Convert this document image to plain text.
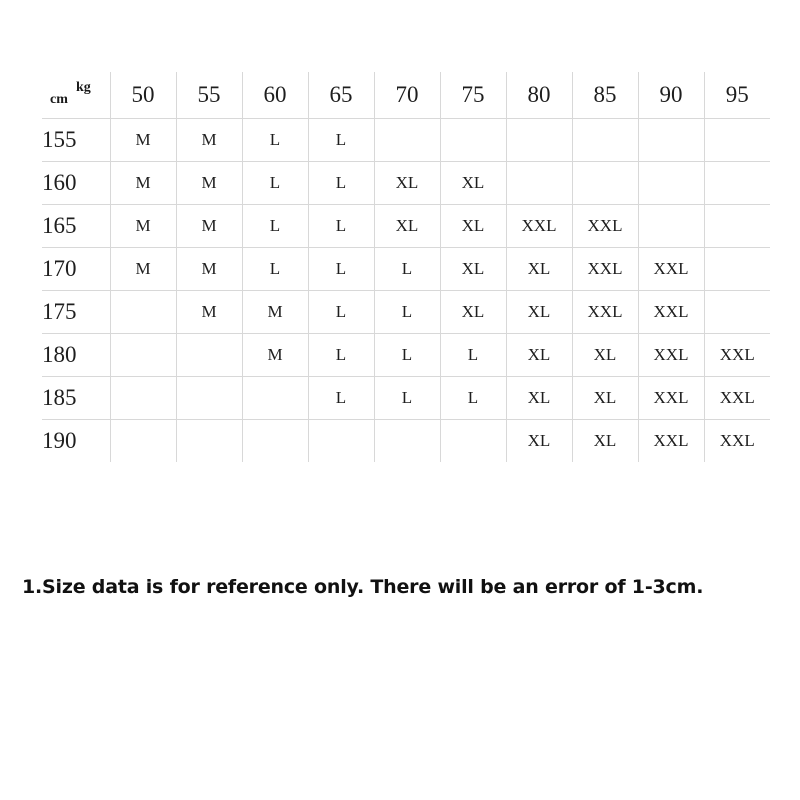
kg
cm	50	55	60	65	70	75	80	85	90	95
155	M	M	L	L						
160	M	M	L	L	XL	XL				
165	M	M	L	L	XL	XL	XXL	XXL		
170	M	M	L	L	L	XL	XL	XXL	XXL	
175		M	M	L	L	XL	XL	XXL	XXL	
180			M	L	L	L	XL	XL	XXL	XXL
185				L	L	L	XL	XL	XXL	XXL
190							XL	XL	XXL	XXL
1.Size data is for reference only. There will be an error of 1-3cm.
